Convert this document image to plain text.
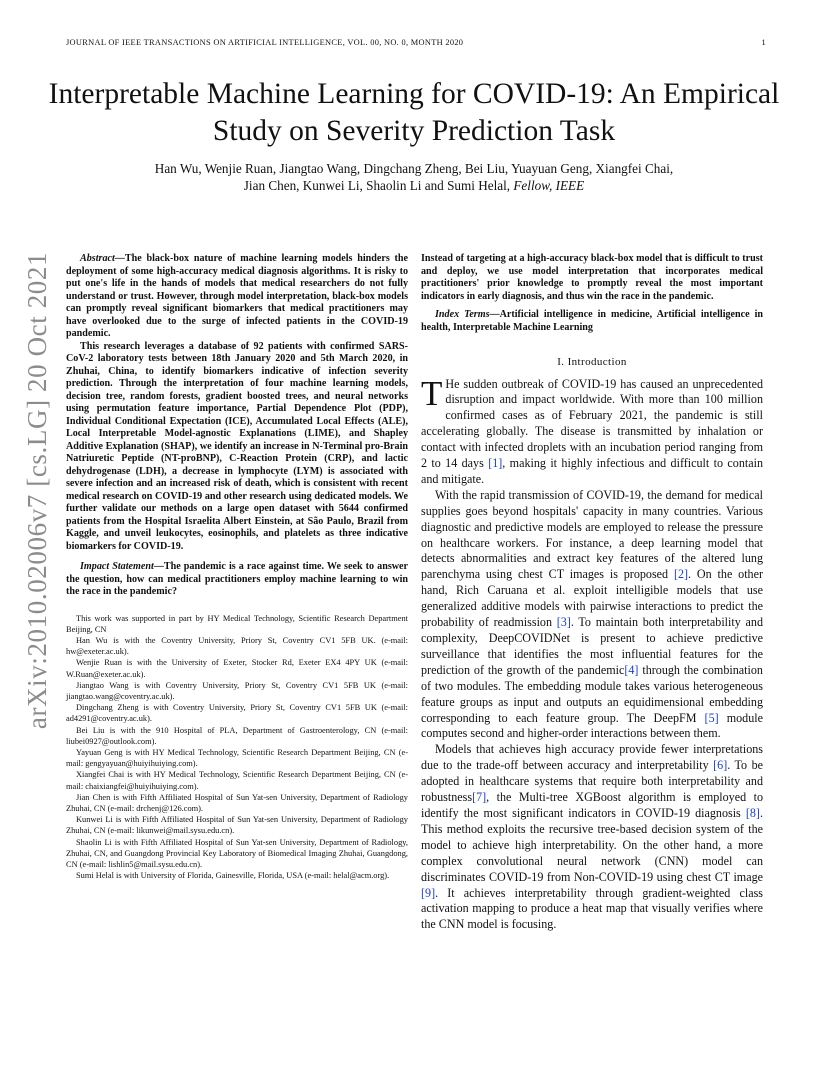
JOURNAL OF IEEE TRANSACTIONS ON ARTIFICIAL INTELLIGENCE, VOL. 00, NO. 0, MONTH 2020	1
arXiv:2010.02006v7 [cs.LG] 20 Oct 2021
Interpretable Machine Learning for COVID-19: An Empirical Study on Severity Prediction Task
Han Wu, Wenjie Ruan, Jiangtao Wang, Dingchang Zheng, Bei Liu, Yuayuan Geng, Xiangfei Chai,
Jian Chen, Kunwei Li, Shaolin Li and Sumi Helal, Fellow, IEEE

Abstract—The black-box nature of machine learning models hinders the deployment of some high-accuracy medical diagnosis algorithms. It is risky to put one's life in the hands of models that medical researchers do not fully understand or trust. However, through model interpretation, black-box models can promptly reveal significant biomarkers that medical practitioners may have overlooked due to the surge of infected patients in the COVID-19 pandemic.

This research leverages a database of 92 patients with confirmed SARS-CoV-2 laboratory tests between 18th January 2020 and 5th March 2020, in Zhuhai, China, to identify biomarkers indicative of infection severity prediction. Through the interpretation of four machine learning models, decision tree, random forests, gradient boosted trees, and neural networks using permutation feature importance, Partial Dependence Plot (PDP), Individual Conditional Expectation (ICE), Accumulated Local Effects (ALE), Local Interpretable Model-agnostic Explanations (LIME), and Shapley Additive Explanation (SHAP), we identify an increase in N-Terminal pro-Brain Natriuretic Peptide (NT-proBNP), C-Reaction Protein (CRP), and lactic dehydrogenase (LDH), a decrease in lymphocyte (LYM) is associated with severe infection and an increased risk of death, which is consistent with recent medical research on COVID-19 and other research using dedicated models. We further validate our methods on a large open dataset with 5644 confirmed patients from the Hospital Israelita Albert Einstein, at São Paulo, Brazil from Kaggle, and unveil leukocytes, eosinophils, and platelets as three indicative biomarkers for COVID-19.

Impact Statement—The pandemic is a race against time. We seek to answer the question, how can medical practitioners employ machine learning to win the race in the pandemic?

This work was supported in part by HY Medical Technology, Scientific Research Department Beijing, CN

Han Wu is with the Coventry University, Priory St, Coventry CV1 5FB UK. (e-mail: hw@exeter.ac.uk).

Wenjie Ruan is with the University of Exeter, Stocker Rd, Exeter EX4 4PY UK (e-mail: W.Ruan@exeter.ac.uk).

Jiangtao Wang is with Coventry University, Priory St, Coventry CV1 5FB UK (e-mail: jiangtao.wang@coventry.ac.uk).

Dingchang Zheng is with Coventry University, Priory St, Coventry CV1 5FB UK (e-mail: ad4291@coventry.ac.uk).

Bei Liu is with the 910 Hospital of PLA, Department of Gastroenterology, CN (e-mail: liubei0927@outlook.com).

Yayuan Geng is with HY Medical Technology, Scientific Research Department Beijing, CN (e-mail: gengyayuan@huiyihuiying.com).

Xiangfei Chai is with HY Medical Technology, Scientific Research Department Beijing, CN (e-mail: chaixiangfei@huiyihuiying.com).

Jian Chen is with Fifth Affiliated Hospital of Sun Yat-sen University, Department of Radiology Zhuhai, CN (e-mail: drchenj@126.com).

Kunwei Li is with Fifth Affiliated Hospital of Sun Yat-sen University, Department of Radiology Zhuhai, CN (e-mail: likunwei@mail.sysu.edu.cn).

Shaolin Li is with Fifth Affiliated Hospital of Sun Yat-sen University, Department of Radiology, Zhuhai, CN, and Guangdong Provincial Key Laboratory of Biomedical Imaging Zhuhai, Guangdong, CN (e-mail: lishlin5@mail.sysu.edu.cn).

Sumi Helal is with University of Florida, Gainesville, Florida, USA (e-mail: helal@acm.org).

Instead of targeting at a high-accuracy black-box model that is difficult to trust and deploy, we use model interpretation that incorporates medical practitioners' prior knowledge to promptly reveal the most important indicators in early diagnosis, and thus win the race in the pandemic.

Index Terms—Artificial intelligence in medicine, Artificial intelligence in health, Interpretable Machine Learning

I. Introduction

T He sudden outbreak of COVID-19 has caused an unprecedented disruption and impact worldwide. With more than 100 million confirmed cases as of February 2021, the pandemic is still accelerating globally. The disease is transmitted by inhalation or contact with infected droplets with an incubation period ranging from 2 to 14 days [1], making it highly infectious and difficult to contain and mitigate.

With the rapid transmission of COVID-19, the demand for medical supplies goes beyond hospitals' capacity in many countries. Various diagnostic and predictive models are employed to release the pressure on healthcare workers. For instance, a deep learning model that detects abnormalities and extract key features of the altered lung parenchyma using chest CT images is proposed [2]. On the other hand, Rich Caruana et al. exploit intelligible models that use generalized additive models with pairwise interactions to predict the probability of readmission [3]. To maintain both interpretability and complexity, DeepCOVIDNet is present to achieve predictive surveillance that identifies the most influential features for the prediction of the growth of the pandemic[4] through the combination of two modules. The embedding module takes various heterogeneous feature groups as input and outputs an equidimensional embedding corresponding to each feature group. The DeepFM [5] module computes second and higher-order interactions between them.

Models that achieves high accuracy provide fewer interpretations due to the trade-off between accuracy and interpretability [6]. To be adopted in healthcare systems that require both interpretability and robustness[7], the Multi-tree XGBoost algorithm is employed to identify the most significant indicators in COVID-19 diagnosis [8]. This method exploits the recursive tree-based decision system of the model to achieve high interpretability. On the other hand, a more complex convolutional neural network (CNN) model can discriminates COVID-19 from Non-COVID-19 using chest CT image [9]. It achieves interpretability through gradient-weighted class activation mapping to produce a heat map that visually verifies where the CNN model is focusing.
